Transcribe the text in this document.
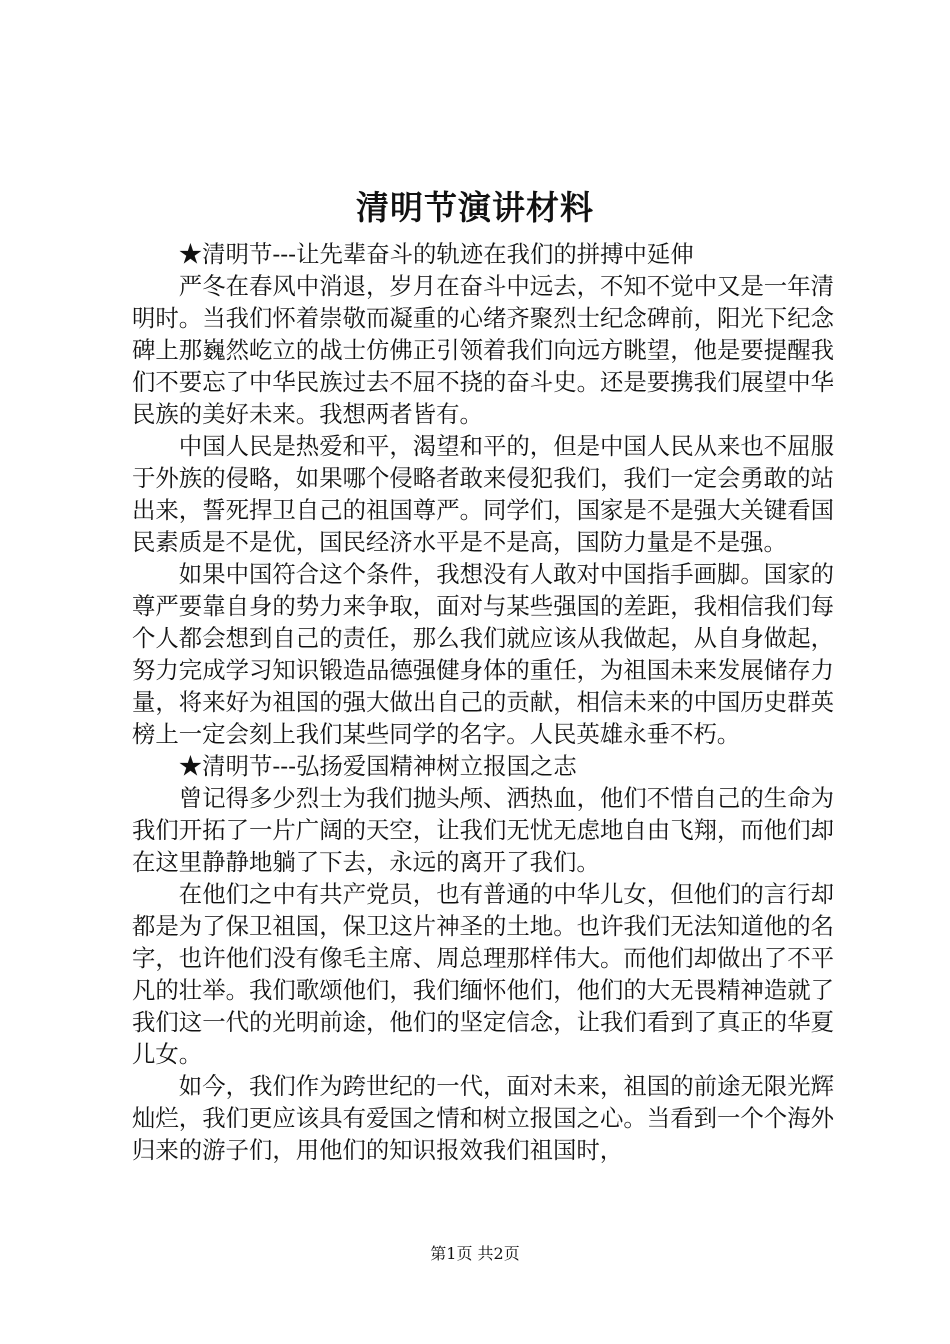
清明节演讲材料

★清明节---让先辈奋斗的轨迹在我们的拼搏中延伸

严冬在春风中消退，岁月在奋斗中远去，不知不觉中又是一年清明时。当我们怀着崇敬而凝重的心绪齐聚烈士纪念碑前，阳光下纪念碑上那巍然屹立的战士仿佛正引领着我们向远方眺望，他是要提醒我们不要忘了中华民族过去不屈不挠的奋斗史。还是要携我们展望中华民族的美好未来。我想两者皆有。

中国人民是热爱和平，渴望和平的，但是中国人民从来也不屈服于外族的侵略，如果哪个侵略者敢来侵犯我们，我们一定会勇敢的站出来，誓死捍卫自己的祖国尊严。同学们，国家是不是强大关键看国民素质是不是优，国民经济水平是不是高，国防力量是不是强。

如果中国符合这个条件，我想没有人敢对中国指手画脚。国家的尊严要靠自身的势力来争取，面对与某些强国的差距，我相信我们每个人都会想到自己的责任，那么我们就应该从我做起，从自身做起，努力完成学习知识锻造品德强健身体的重任，为祖国未来发展储存力量，将来好为祖国的强大做出自己的贡献，相信未来的中国历史群英榜上一定会刻上我们某些同学的名字。人民英雄永垂不朽。

★清明节---弘扬爱国精神树立报国之志

曾记得多少烈士为我们抛头颅、洒热血，他们不惜自己的生命为我们开拓了一片广阔的天空，让我们无忧无虑地自由飞翔，而他们却在这里静静地躺了下去，永远的离开了我们。

在他们之中有共产党员，也有普通的中华儿女，但他们的言行却都是为了保卫祖国，保卫这片神圣的土地。也许我们无法知道他的名字，也许他们没有像毛主席、周总理那样伟大。而他们却做出了不平凡的壮举。我们歌颂他们，我们缅怀他们，他们的大无畏精神造就了我们这一代的光明前途，他们的坚定信念，让我们看到了真正的华夏儿女。

如今，我们作为跨世纪的一代，面对未来，祖国的前途无限光辉灿烂，我们更应该具有爱国之情和树立报国之心。当看到一个个海外归来的游子们，用他们的知识报效我们祖国时，

第1页 共2页
